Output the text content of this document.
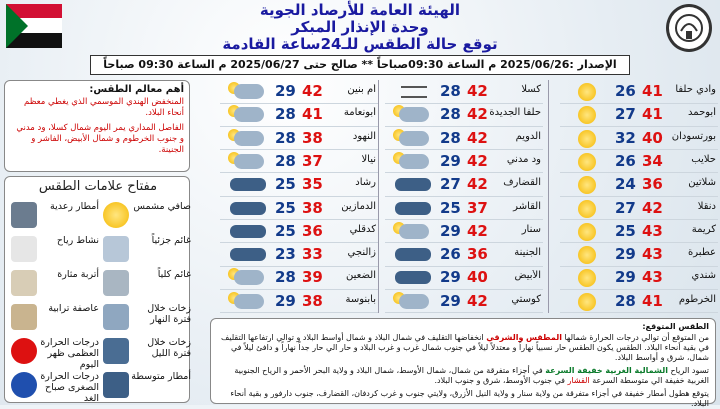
الهيئة العامة للأرصاد الجوية
وحدة الإنذار المبكر
توقع حالة الطقس للـ24ساعة القادمة
الإصدار :2025/06/26 م الساعة 09:30صباحاً ** صالح حتى 2025/06/27 م الساعة 09:30 صباحاً
26 41	وادي حلفا
27 41	أبوحمد
32 40 بورتسودان
26 34	حلايب
24 36	شلاتين
27 42	دنقلا
25 43	كريمة
29 43	عطبرة
29 43	شندي
28 41	الخرطوم
28 42	كسلا
28 42 حلفا الجديدة
28 42	الدويم
29 42	ود مدني
27 42	القضارف
25 37	القاشر
29 42	سنار
26 36	الجنينة
29 40	الأبيض
29 42	كوستي
29 42	أم بنين
28 41	أبونعامة
28 38	النهود
28 37	نيالا
25 35	رشاد
25 38	الدمازين
25 36	كدقلي
23 33	زالنجي
28 39	الضعين
29 38	بابنوسة
أهم معالم الطقس:
المنخفض الهندي الموسمي الذي يغطي معظم أنحاء البلاد.
الفاصل المداري يمر اليوم شمال كسلا، ود مدني و جنوب الخرطوم و شمال الأبيض، الفاشر و الجنينة.
مفتاح علامات الطقس
صافي مشمس
أمطار رعدية
غائم جزئياً
نشاط رياح
غائم كلياً
أتربة مثارة
زخات خلال فترة النهار
عاصفة ترابية
زخات خلال فترة الليل
درجات الحرارة العظمى ظهر اليوم
أمطار متوسطة
درجات الحرارة الصغرى صباح الغد
الطقس المتوقع:
من المتوقع أن توالي درجات الحرارة شمالها المطقس والشرقي انخفاضها التقليف في شمال البلاد و شمال أواسط البلاد و توالي ارتفاعها التقليف في بقية أنحاء البلاد. الطقس يكون الطقس حار نسبياً نهاراً و معتدلاً ليلاً في جنوب شمال غرب و غرب البلاد و حار الي حار جداً نهاراً و دافئ ليلاً في شمال، شرق و أواسط البلاد.
تسود الرياح الشمالية الغربية خفيفة السرعة في أجزاء متفرقة من شمال، شمال الأوسط، شمال البلاد و ولاية البحر الأحمر و الرياح الجنوبية الغربية خفيفة الي متوسطة السرعة القشار في جنوب الأوسط، شرق و جنوب البلاد.
يتوقع هطول أمطار خفيفة في أجزاء متفرقة من ولاية سنار و ولاية النيل الأزرق، ولايتي جنوب و غرب كردفان، القضارف، جنوب دارفور و بقية أنحاء البلاد.
